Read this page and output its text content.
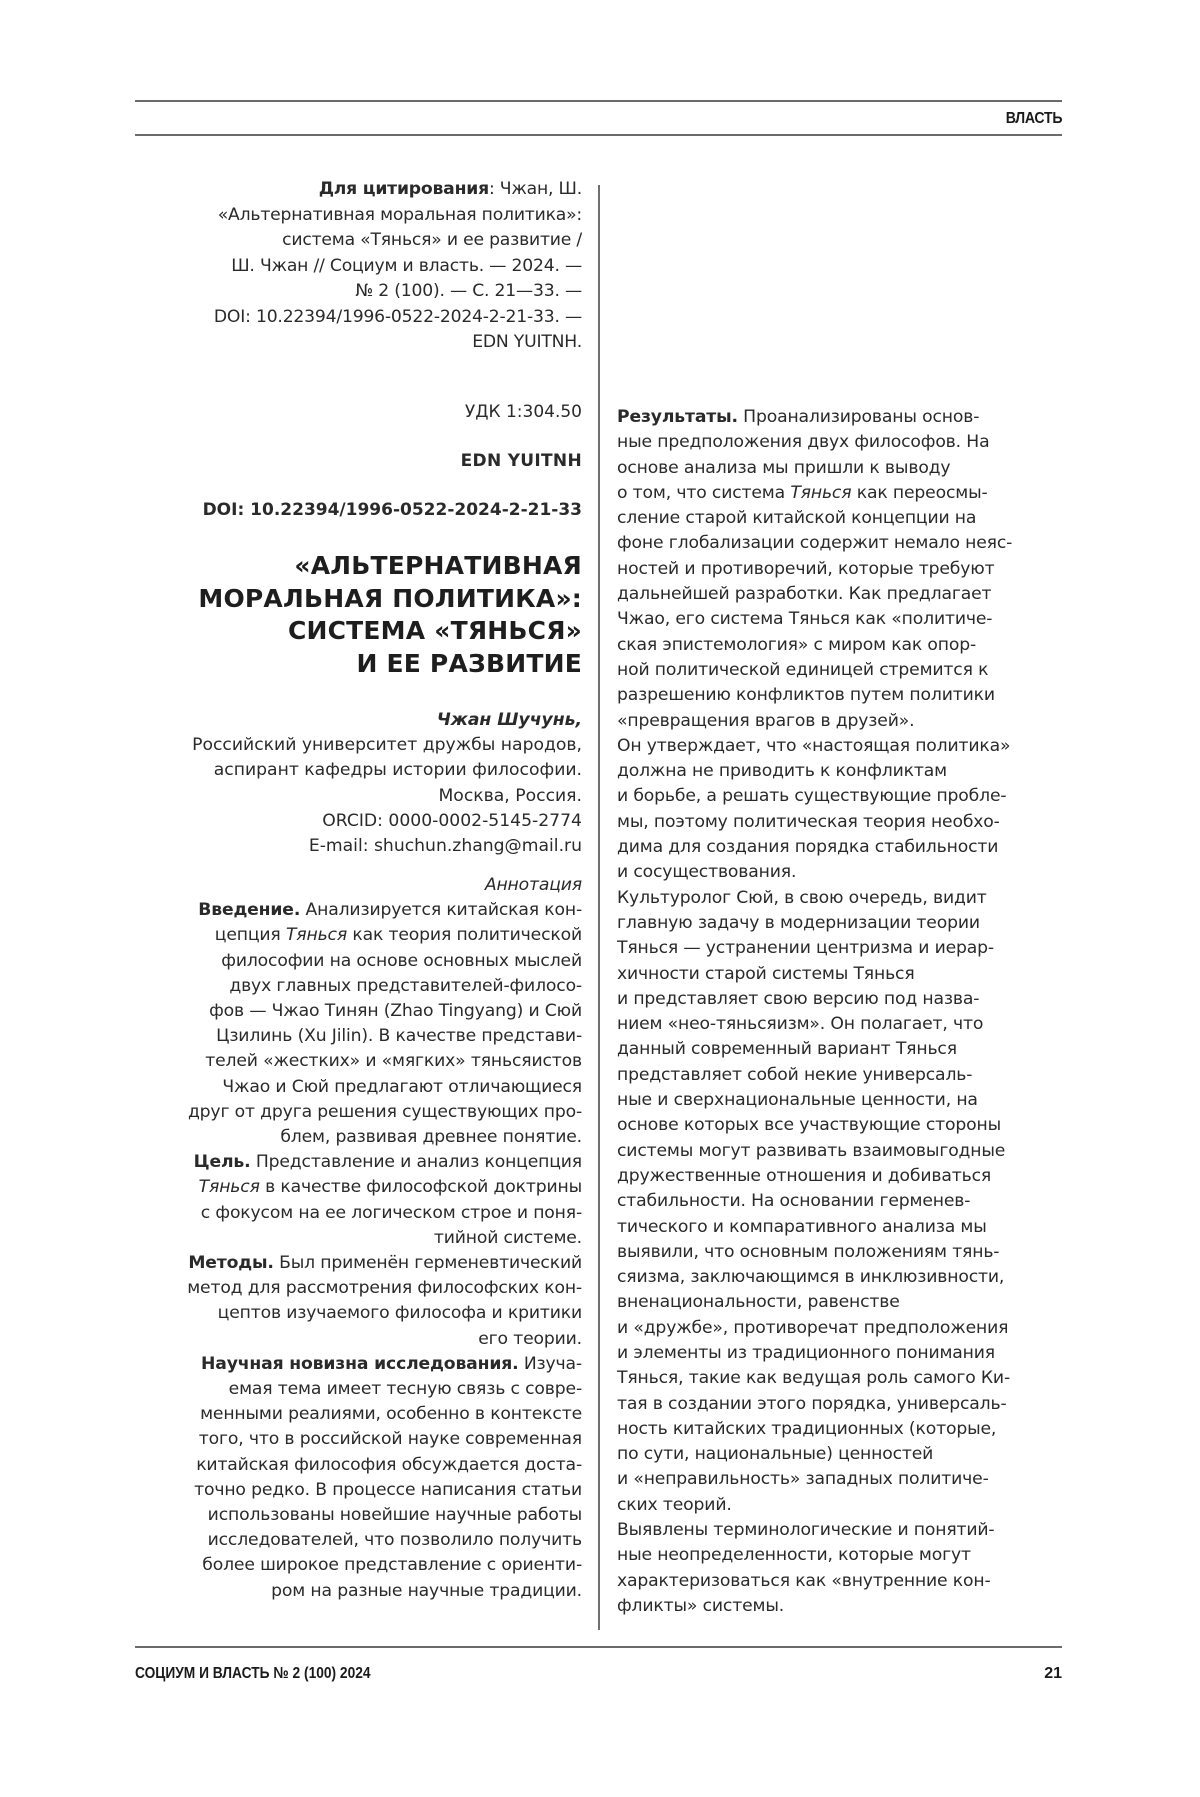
ВЛАСТЬ
Для цитирования: Чжан, Ш.
«Альтернативная моральная политика»:
система «Тянься» и ее развитие /
Ш. Чжан // Социум и власть. — 2024. —
№ 2 (100). — С. 21—33. —
DOI: 10.22394/1996-0522-2024-2-21-33. —
EDN YUITNH.
УДК 1:304.50
EDN YUITNH
DOI: 10.22394/1996-0522-2024-2-21-33
«АЛЬТЕРНАТИВНАЯ
МОРАЛЬНАЯ ПОЛИТИКА»:
СИСТЕМА «ТЯНЬСЯ»
И ЕЕ РАЗВИТИЕ
Чжан Шучунь,
Российский университет дружбы народов,
аспирант кафедры истории философии.
Москва, Россия.
ORCID: 0000-0002-5145-2774
E-mail: shuchun.zhang@mail.ru
Аннотация
Введение. Анализируется китайская кон-
цепция Тянься как теория политической
философии на основе основных мыслей
двух главных представителей-филосо-
фов — Чжао Тинян (Zhao Tingyang) и Сюй
Цзилинь (Xu Jilin). В качестве представи-
телей «жестких» и «мягких» тяньсяистов
Чжао и Сюй предлагают отличающиеся
друг от друга решения существующих про-
блем, развивая древнее понятие.
Цель. Представление и анализ концепция
Тянься в качестве философской доктрины
с фокусом на ее логическом строе и поня-
тийной системе.
Методы. Был применён герменевтический
метод для рассмотрения философских кон-
цептов изучаемого философа и критики
его теории.
Научная новизна исследования. Изуча-
емая тема имеет тесную связь с совре-
менными реалиями, особенно в контексте
того, что в российской науке современная
китайская философия обсуждается доста-
точно редко. В процессе написания статьи
использованы новейшие научные работы
исследователей, что позволило получить
более широкое представление с ориенти-
ром на разные научные традиции.
Результаты. Проанализированы основ-
ные предположения двух философов. На
основе анализа мы пришли к выводу
о том, что система Тянься как переосмы-
сление старой китайской концепции на
фоне глобализации содержит немало неяс-
ностей и противоречий, которые требуют
дальнейшей разработки. Как предлагает
Чжао, его система Тянься как «политиче-
ская эпистемология» с миром как опор-
ной политической единицей стремится к
разрешению конфликтов путем политики
«превращения врагов в друзей».
Он утверждает, что «настоящая политика»
должна не приводить к конфликтам
и борьбе, а решать существующие пробле-
мы, поэтому политическая теория необхо-
дима для создания порядка стабильности
и сосуществования.
Культуролог Сюй, в свою очередь, видит
главную задачу в модернизации теории
Тянься — устранении центризма и иерар-
хичности старой системы Тянься
и представляет свою версию под назва-
нием «нео-тяньсяизм». Он полагает, что
данный современный вариант Тянься
представляет собой некие универсаль-
ные и сверхнациональные ценности, на
основе которых все участвующие стороны
системы могут развивать взаимовыгодные
дружественные отношения и добиваться
стабильности. На основании герменев-
тического и компаративного анализа мы
выявили, что основным положениям тянь-
сяизма, заключающимся в инклюзивности,
вненациональности, равенстве
и «дружбе», противоречат предположения
и элементы из традиционного понимания
Тянься, такие как ведущая роль самого Ки-
тая в создании этого порядка, универсаль-
ность китайских традиционных (которые,
по сути, национальные) ценностей
и «неправильность» западных политиче-
ских теорий.
Выявлены терминологические и понятий-
ные неопределенности, которые могут
характеризоваться как «внутренние кон-
фликты» системы.
СОЦИУМ И ВЛАСТЬ № 2 (100) 2024	21
